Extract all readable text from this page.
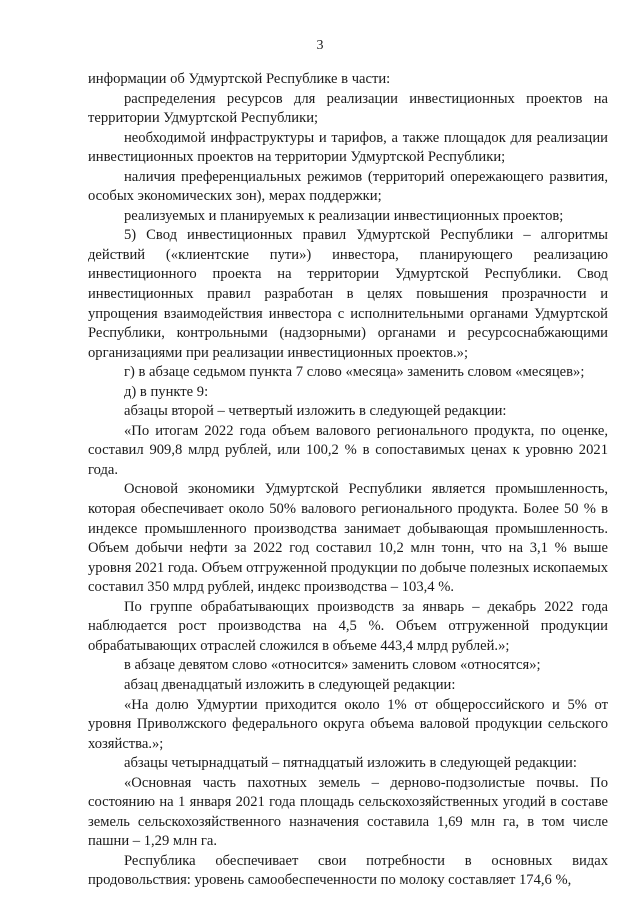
3

информации об Удмуртской Республике в части:

распределения ресурсов для реализации инвестиционных проектов на территории Удмуртской Республики;

необходимой инфраструктуры и тарифов, а также площадок для реализации инвестиционных проектов на территории Удмуртской Республики;

наличия преференциальных режимов (территорий опережающего развития, особых экономических зон), мерах поддержки;

реализуемых и планируемых к реализации инвестиционных проектов;

5) Свод инвестиционных правил Удмуртской Республики – алгоритмы действий («клиентские пути») инвестора, планирующего реализацию инвестиционного проекта на территории Удмуртской Республики. Свод инвестиционных правил разработан в целях повышения прозрачности и упрощения взаимодействия инвестора с исполнительными органами Удмуртской Республики, контрольными (надзорными) органами и ресурсоснабжающими организациями при реализации инвестиционных проектов.»;

г) в абзаце седьмом пункта 7 слово «месяца» заменить словом «месяцев»;

д) в пункте 9:

абзацы второй – четвертый изложить в следующей редакции:

«По итогам 2022 года объем валового регионального продукта, по оценке, составил 909,8 млрд рублей, или 100,2 % в сопоставимых ценах к уровню 2021 года.

Основой экономики Удмуртской Республики является промышленность, которая обеспечивает около 50% валового регионального продукта. Более 50 % в индексе промышленного производства занимает добывающая промышленность. Объем добычи нефти за 2022 год составил 10,2 млн тонн, что на 3,1 % выше уровня 2021 года. Объем отгруженной продукции по добыче полезных ископаемых составил 350 млрд рублей, индекс производства – 103,4 %.

По группе обрабатывающих производств за январь – декабрь 2022 года наблюдается рост производства на 4,5 %. Объем отгруженной продукции обрабатывающих отраслей сложился в объеме 443,4 млрд рублей.»;

в абзаце девятом слово «относится» заменить словом «относятся»;

абзац двенадцатый изложить в следующей редакции:

«На долю Удмуртии приходится около 1% от общероссийского и 5% от уровня Приволжского федерального округа объема валовой продукции сельского хозяйства.»;

абзацы четырнадцатый – пятнадцатый изложить в следующей редакции:

«Основная часть пахотных земель – дерново-подзолистые почвы. По состоянию на 1 января 2021 года площадь сельскохозяйственных угодий в составе земель сельскохозяйственного назначения составила 1,69 млн га, в том числе пашни – 1,29 млн га.

Республика обеспечивает свои потребности в основных видах продовольствия: уровень самообеспеченности по молоку составляет 174,6 %,
